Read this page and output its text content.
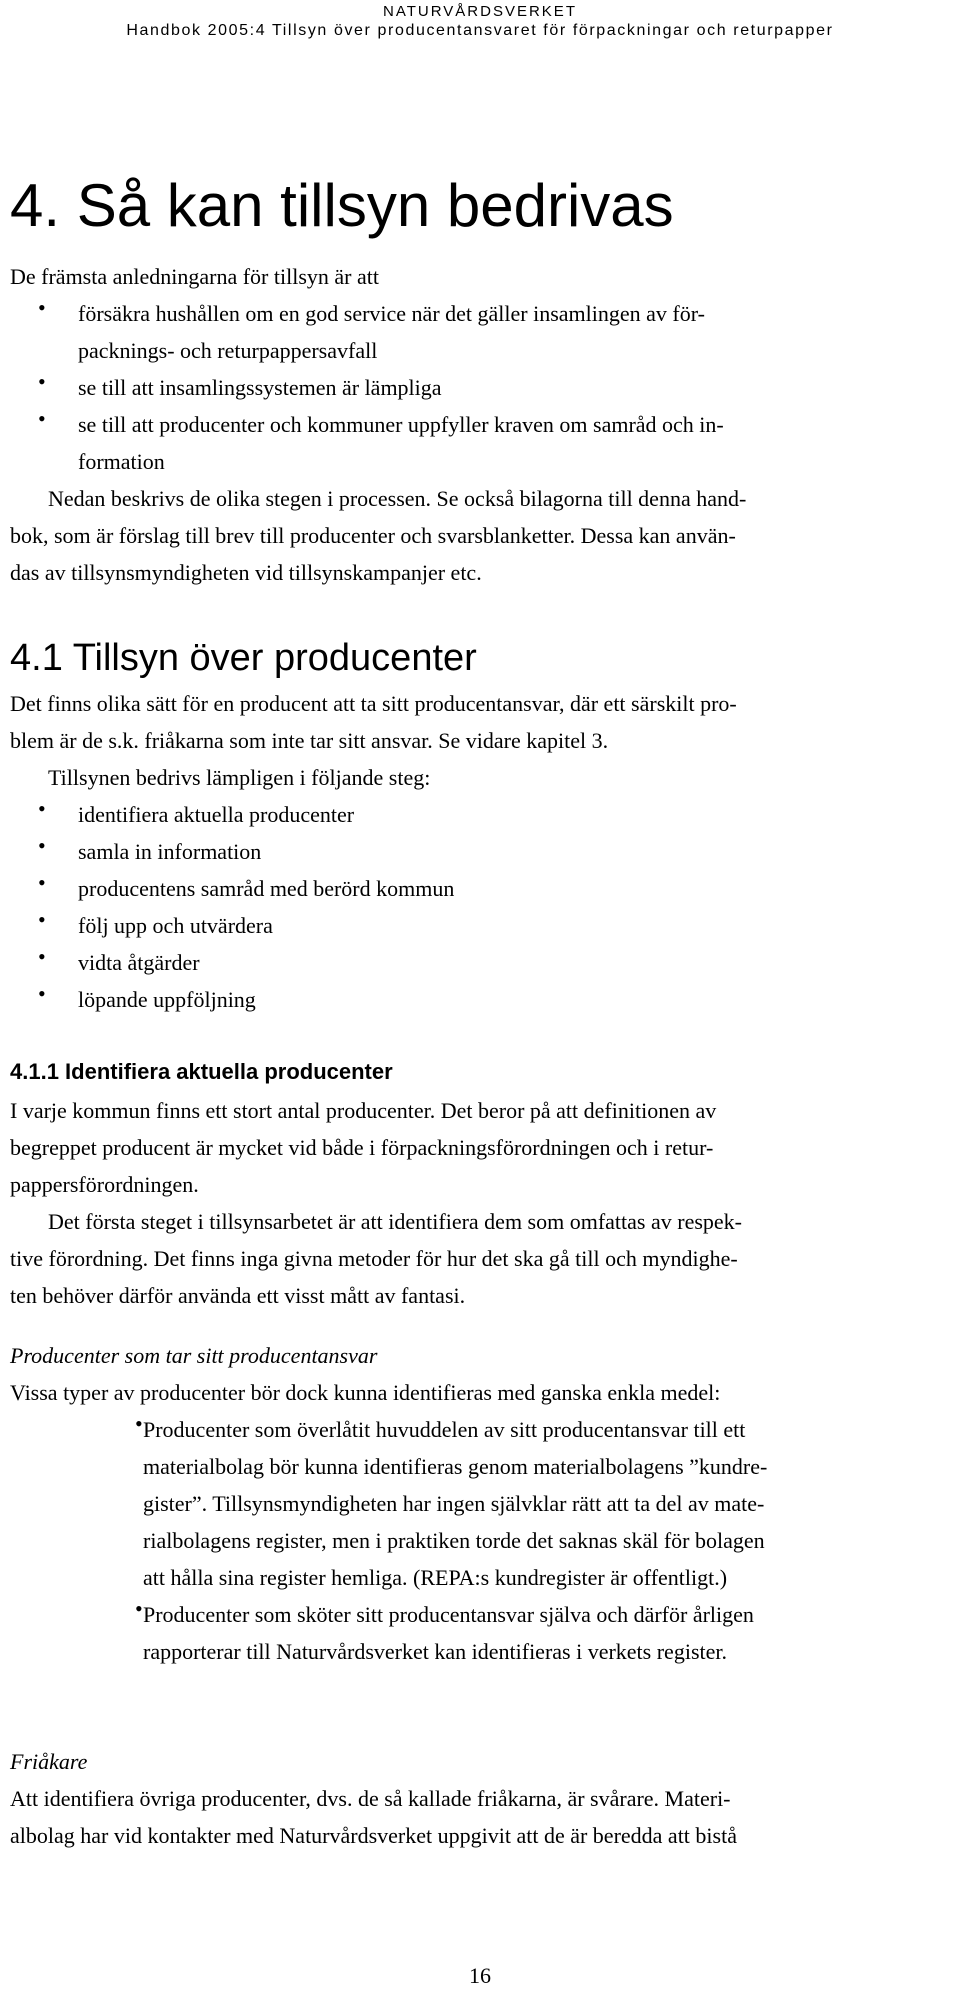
NATURVÅRDSVERKET
Handbok 2005:4 Tillsyn över producentansvaret för förpackningar och returpapper
4. Så kan tillsyn bedrivas
De främsta anledningarna för tillsyn är att
• försäkra hushållen om en god service när det gäller insamlingen av för-
packnings- och returpappersavfall
• se till att insamlingssystemen är lämpliga
• se till att producenter och kommuner uppfyller kraven om samråd och in-
formation
Nedan beskrivs de olika stegen i processen. Se också bilagorna till denna hand-
bok, som är förslag till brev till producenter och svarsblanketter. Dessa kan använ-
das av tillsynsmyndigheten vid tillsynskampanjer etc.
4.1 Tillsyn över producenter
Det finns olika sätt för en producent att ta sitt producentansvar, där ett särskilt pro-
blem är de s.k. friåkarna som inte tar sitt ansvar. Se vidare kapitel 3.
Tillsynen bedrivs lämpligen i följande steg:
• identifiera aktuella producenter
• samla in information
• producentens samråd med berörd kommun
• följ upp och utvärdera
• vidta åtgärder
• löpande uppföljning
4.1.1 Identifiera aktuella producenter
I varje kommun finns ett stort antal producenter. Det beror på att definitionen av
begreppet producent är mycket vid både i förpackningsförordningen och i retur-
pappersförordningen.
Det första steget i tillsynsarbetet är att identifiera dem som omfattas av respek-
tive förordning. Det finns inga givna metoder för hur det ska gå till och myndighe-
ten behöver därför använda ett visst mått av fantasi.
Producenter som tar sitt producentansvar
Vissa typer av producenter bör dock kunna identifieras med ganska enkla medel:
• Producenter som överlåtit huvuddelen av sitt producentansvar till ett
materialbolag bör kunna identifieras genom materialbolagens ”kundre-
gister”. Tillsynsmyndigheten har ingen självklar rätt att ta del av mate-
rialbolagens register, men i praktiken torde det saknas skäl för bolagen
att hålla sina register hemliga. (REPA:s kundregister är offentligt.)
• Producenter som sköter sitt producentansvar själva och därför årligen
rapporterar till Naturvårdsverket kan identifieras i verkets register.
Friåkare
Att identifiera övriga producenter, dvs. de så kallade friåkarna, är svårare. Materi-
albolag har vid kontakter med Naturvårdsverket uppgivit att de är beredda att bistå
16
